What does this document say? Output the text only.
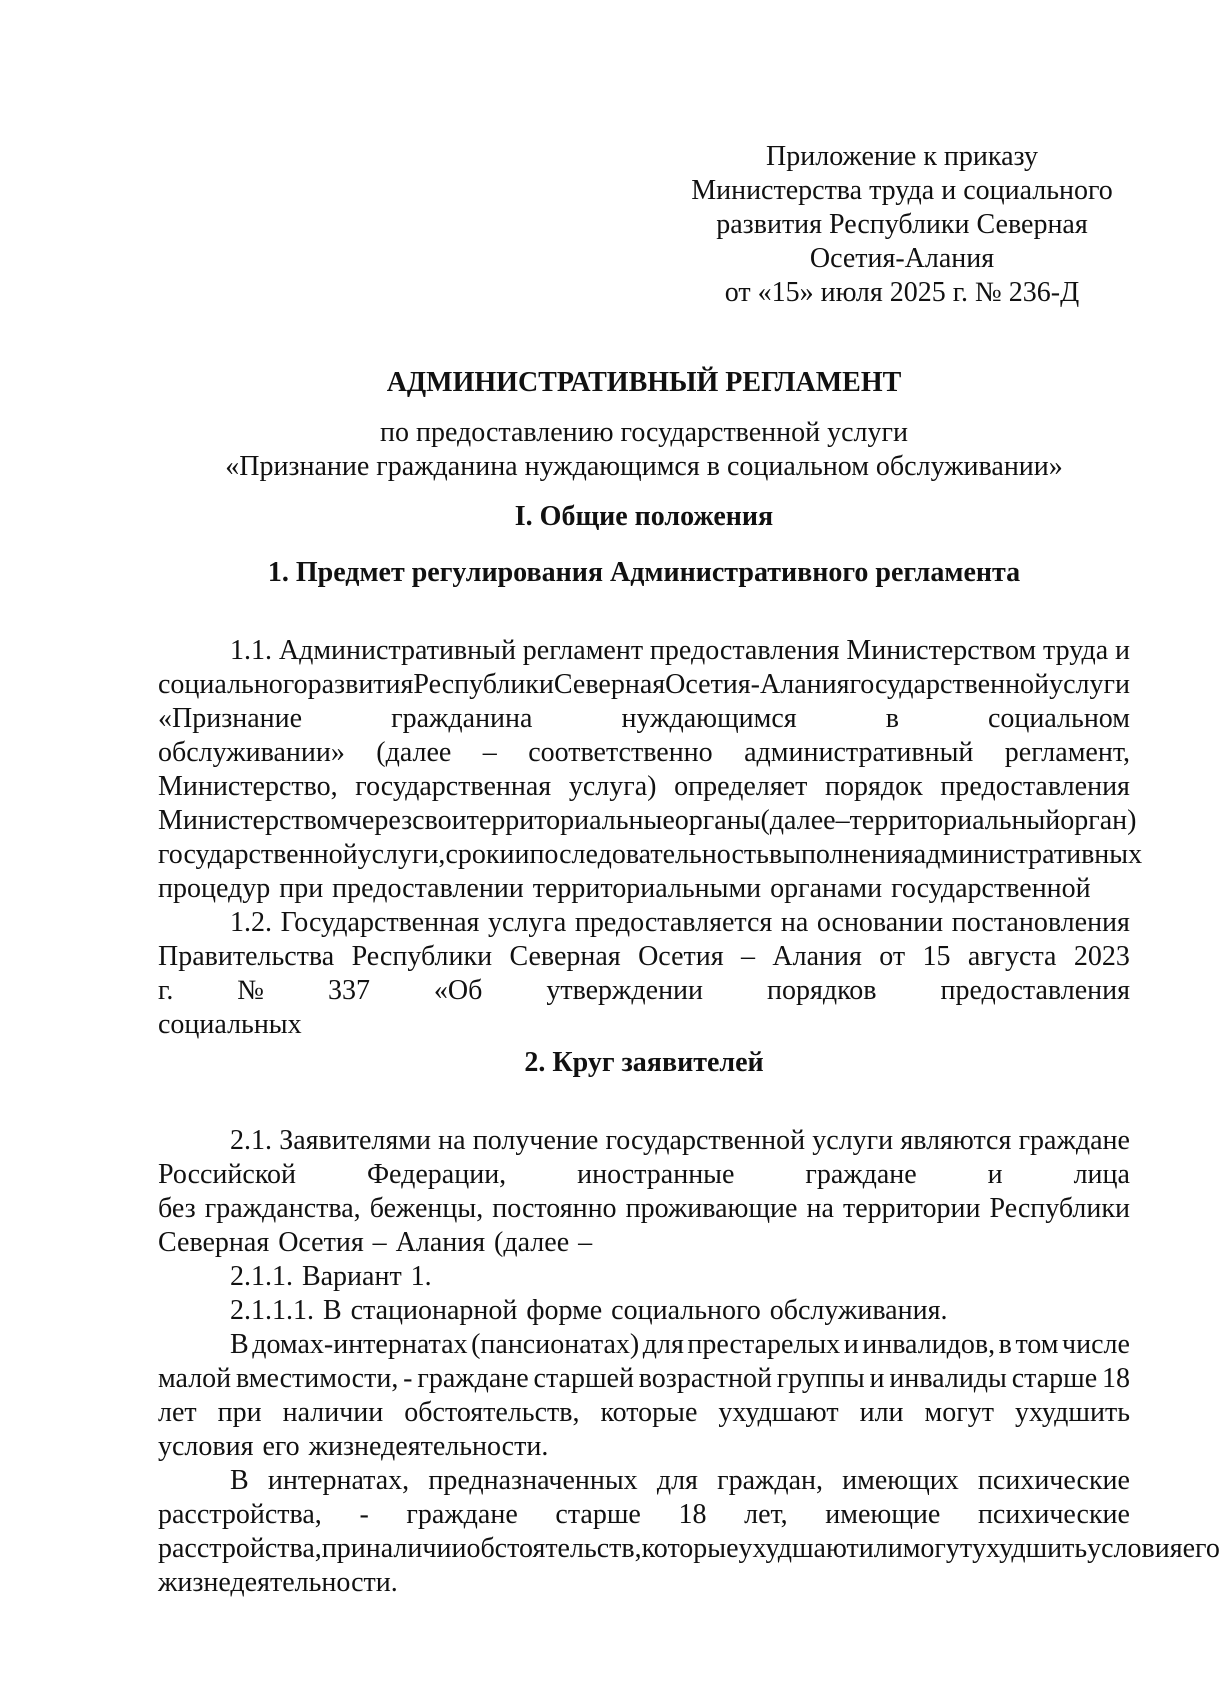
Приложение к приказу
Министерства труда и социального
развития Республики Северная
Осетия-Алания
от «15» июля 2025 г. № 236-Д
АДМИНИСТРАТИВНЫЙ РЕГЛАМЕНТ
по предоставлению государственной услуги
«Признание гражданина нуждающимся в социальном обслуживании»
I. Общие положения
1. Предмет регулирования Административного регламента
1.1. Административный регламент предоставления Министерством труда и
социального развития Республики Северная Осетия-Алания государственной услуги
«Признание	гражданина	нуждающимся	в	социальном
обслуживании» (далее – соответственно административный регламент,
Министерство, государственная услуга) определяет порядок предоставления
Министерством через свои территориальные органы (далее – территориальный орган)
государственной услуги, сроки и последовательность выполнения административных
процедур при предоставлении территориальными органами государственной
1.2. Государственная услуга предоставляется на основании постановления
Правительства Республики Северная Осетия – Алания от 15 августа 2023
г. № 337 «Об утверждении порядков предоставления
социальных
2. Круг заявителей
2.1. Заявителями на получение государственной услуги являются граждане
Российской	Федерации,	иностранные	граждане	и	лица
без гражданства, беженцы, постоянно проживающие на территории Республики
Северная Осетия – Алания (далее –
2.1.1. Вариант 1.
2.1.1.1. В стационарной форме социального обслуживания.
В домах-интернатах (пансионатах) для престарелых и инвалидов, в том числе
малой вместимости, - граждане старшей возрастной группы и инвалиды старше 18
лет при наличии обстоятельств, которые ухудшают или могут ухудшить
условия его жизнедеятельности.
В интернатах, предназначенных для граждан, имеющих психические
расстройства, - граждане старше 18 лет, имеющие психические
расстройства, при наличии обстоятельств, которые ухудшают или могут ухудшить условия его
жизнедеятельности.
